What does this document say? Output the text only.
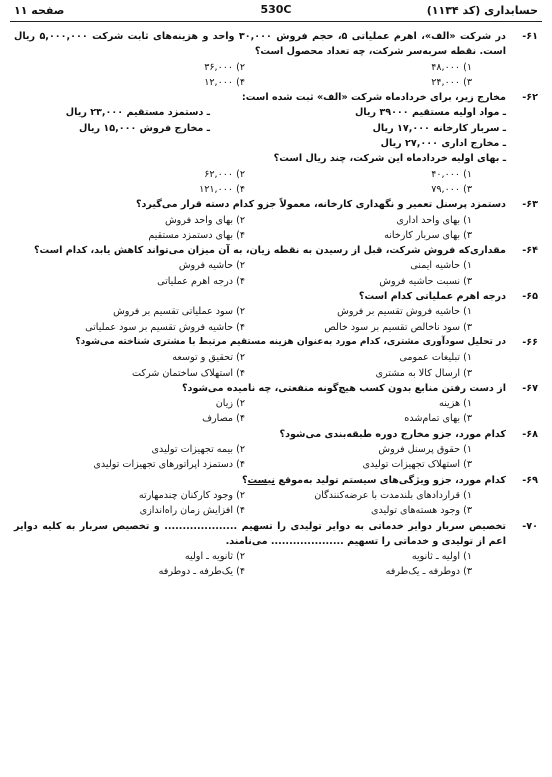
حسابداری (کد ۱۱۳۴)
530C
صفحه ۱۱
۶۱-
در شرکت «الف»، اهرم عملیاتی ۵، حجم فروش ۳۰,۰۰۰ واحد و هزینه‌های ثابت شرکت ۵,۰۰۰,۰۰۰ ریال است. نقطه سربه‌سر شرکت، چه تعداد محصول است؟
۱) ۴۸,۰۰۰
۲) ۳۶,۰۰۰
۳) ۲۴,۰۰۰
۴) ۱۲,۰۰۰
۶۲-
مخارج زیر، برای خردادماه شرکت «الف» ثبت شده است:
ـ مواد اولیه مستقیم ۳۹۰۰۰ ریال
ـ دستمزد مستقیم ۲۳,۰۰۰ ریال
ـ سربار کارخانه ۱۷,۰۰۰ ریال
ـ مخارج فروش ۱۵,۰۰۰ ریال
ـ مخارج اداری ۲۷,۰۰۰ ریال
ـ بهای اولیه خردادماه این شرکت، چند ریال است؟
۱) ۴۰,۰۰۰
۲) ۶۲,۰۰۰
۳) ۷۹,۰۰۰
۴) ۱۲۱,۰۰۰
۶۳-
دستمزد پرسنل تعمیر و نگهداری کارخانه، معمولاً جزو کدام دسته قرار می‌گیرد؟
۱) بهای واحد اداری
۲) بهای واحد فروش
۳) بهای سربار کارخانه
۴) بهای دستمزد مستقیم
۶۴-
مقداری‌که فروش شرکت، قبل از رسیدن به نقطه زیان، به آن میزان می‌تواند کاهش یابد، کدام است؟
۱) حاشیه ایمنی
۲) حاشیه فروش
۳) نسبت حاشیه فروش
۴) درجه اهرم عملیاتی
۶۵-
درجه اهرم عملیاتی کدام است؟
۱) حاشیه فروش تقسیم بر فروش
۲) سود عملیاتی تقسیم بر فروش
۳) سود ناخالص تقسیم بر سود خالص
۴) حاشیه فروش تقسیم بر سود عملیاتی
۶۶-
در تحلیل سودآوری مشتری، کدام مورد به‌عنوان هزینه مستقیم مرتبط با مشتری شناخته می‌شود؟
۱) تبلیغات عمومی
۲) تحقیق و توسعه
۳) ارسال کالا به مشتری
۴) استهلاک ساختمان شرکت
۶۷-
از دست رفتن منابع بدون کسب هیچ‌گونه منفعتی، چه نامیده می‌شود؟
۱) هزینه
۲) زیان
۳) بهای تمام‌شده
۴) مصارف
۶۸-
کدام مورد، جزو مخارج دوره طبقه‌بندی می‌شود؟
۱) حقوق پرسنل فروش
۲) بیمه تجهیزات تولیدی
۳) استهلاک تجهیزات تولیدی
۴) دستمزد اپراتورهای تجهیزات تولیدی
۶۹-
کدام مورد، جزو ویژگی‌های سیستم تولید به‌موقع نیست؟
۱) قراردادهای بلندمدت با عرضه‌کنندگان
۲) وجود کارکنان چندمهارته
۳) وجود هسته‌های تولیدی
۴) افزایش زمان راه‌اندازی
۷۰-
تخصیص سربار دوایر خدماتی به دوایر تولیدی را تسهیم .................... و تخصیص سربار به کلیه دوایر اعم از تولیدی و خدماتی را تسهیم .................... می‌نامند.
۱) اولیه ـ ثانویه
۲) ثانویه ـ اولیه
۳) دوطرفه ـ یک‌طرفه
۴) یک‌طرفه ـ دوطرفه
